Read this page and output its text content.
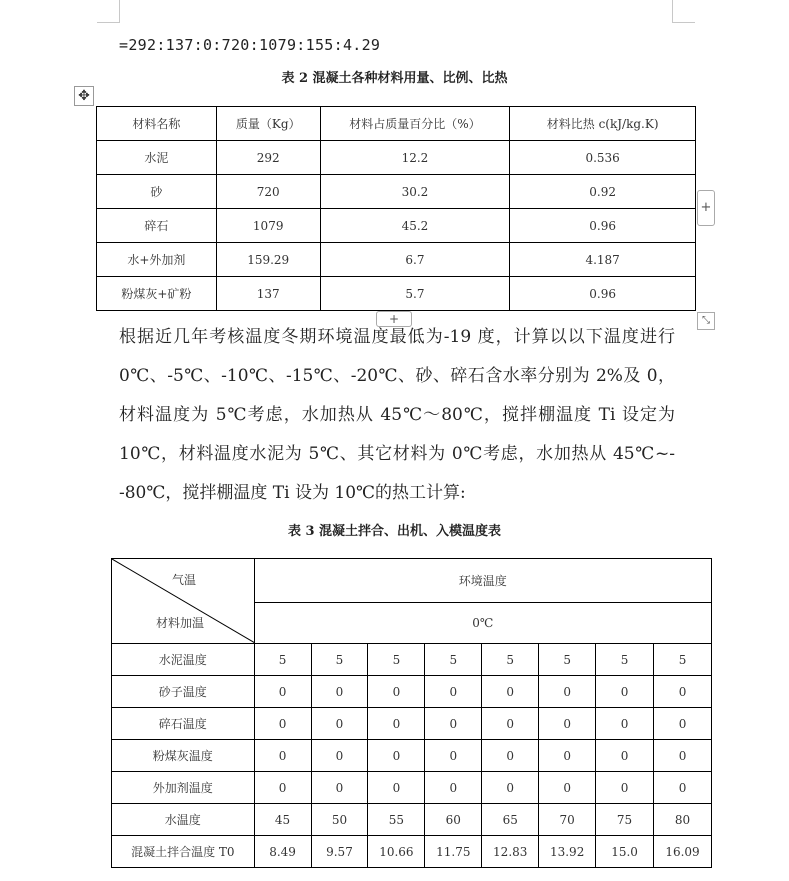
=292:137:0:720:1079:155:4.29
表 2 混凝土各种材料用量、比例、比热
✥
材料名称	质量（Kg）	材料占质量百分比（%）	材料比热 c(kJ/kg.K)
水泥	292	12.2	0.536
砂	720	30.2	0.92
碎石	1079	45.2	0.96
水+外加剂	159.29	6.7	4.187
粉煤灰+矿粉	137	5.7	0.96
+
+	⤡

根据近几年考核温度冬期环境温度最低为-19 度，计算以以下温度进行 0℃、-5℃、-10℃、-15℃、-20℃、砂、碎石含水率分别为 2%及 0，材料温度为 5℃考虑，水加热从 45℃～80℃，搅拌棚温度 Ti 设定为 10℃，材料温度水泥为 5℃、其它材料为 0℃考虑，水加热从 45℃~--80℃，搅拌棚温度 Ti 设为 10℃的热工计算:

表 3 混凝土拌合、出机、入模温度表
气温
材料加温	环境温度							
	0℃							
水泥温度	5	5	5	5	5	5	5	5
砂子温度	0	0	0	0	0	0	0	0
碎石温度	0	0	0	0	0	0	0	0
粉煤灰温度	0	0	0	0	0	0	0	0
外加剂温度	0	0	0	0	0	0	0	0
水温度	45	50	55	60	65	70	75	80
混凝土拌合温度 T0	8.49	9.57	10.66	11.75	12.83	13.92	15.0	16.09
